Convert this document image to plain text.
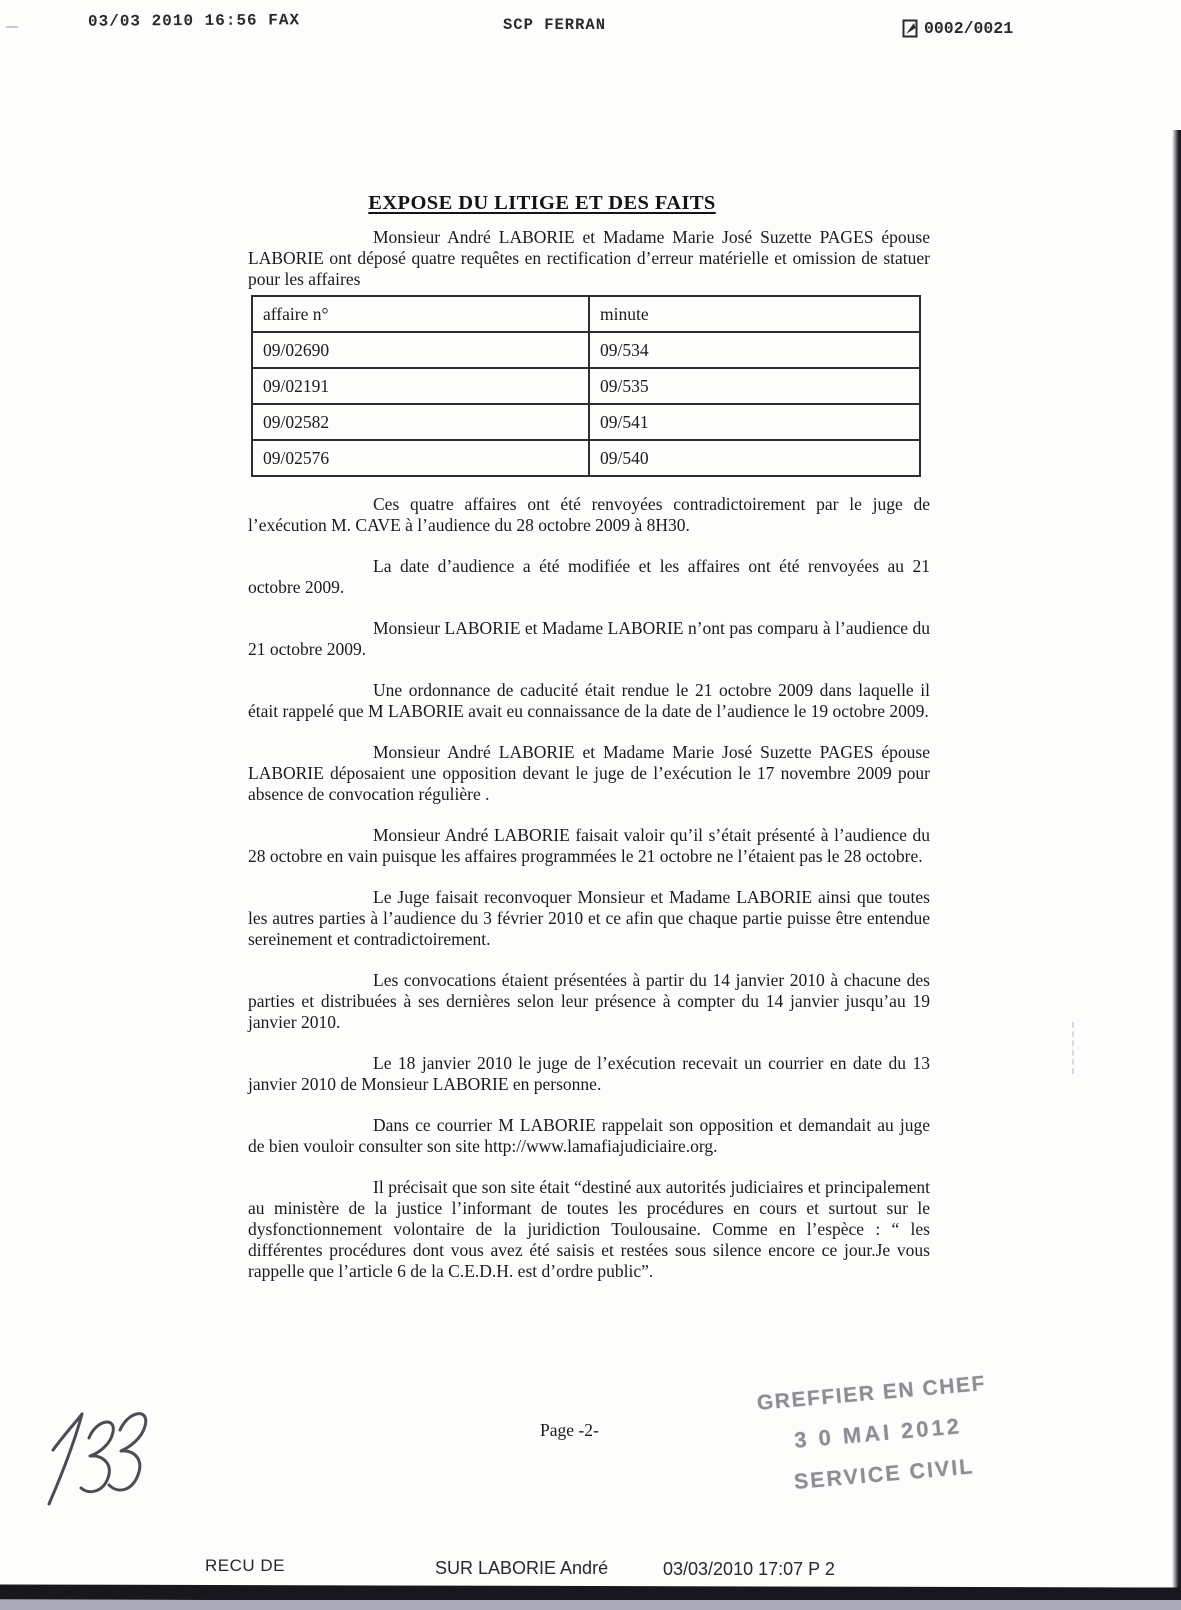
03/03 2010 16:56 FAX	SCP FERRAN	0002/0021
EXPOSE DU LITIGE ET DES FAITS

Monsieur André LABORIE et Madame Marie José Suzette PAGES épouse LABORIE ont déposé quatre requêtes en rectification d’erreur matérielle et omission de statuer pour les affaires

affaire n°	minute
09/02690	09/534
09/02191	09/535
09/02582	09/541
09/02576	09/540

Ces quatre affaires ont été renvoyées contradictoirement par le juge de l’exécution M. CAVE à l’audience du 28 octobre 2009 à 8H30.

La date d’audience a été modifiée et les affaires ont été renvoyées au 21 octobre 2009.

Monsieur LABORIE et Madame LABORIE n’ont pas comparu à l’audience du 21 octobre 2009.

Une ordonnance de caducité était rendue le 21 octobre 2009 dans laquelle il était rappelé que M LABORIE avait eu connaissance de la date de l’audience le 19 octobre 2009.

Monsieur André LABORIE et Madame Marie José Suzette PAGES épouse LABORIE déposaient une opposition devant le juge de l’exécution le 17 novembre 2009 pour absence de convocation régulière .

Monsieur André LABORIE faisait valoir qu’il s’était présenté à l’audience du 28 octobre en vain puisque les affaires programmées le 21 octobre ne l’étaient pas le 28 octobre.

Le Juge faisait reconvoquer Monsieur et Madame LABORIE ainsi que toutes les autres parties à l’audience du 3 février 2010 et ce afin que chaque partie puisse être entendue sereinement et contradictoirement.

Les convocations étaient présentées à partir du 14 janvier 2010 à chacune des parties et distribuées à ses dernières selon leur présence à compter du 14 janvier jusqu’au 19 janvier 2010.

Le 18 janvier 2010 le juge de l’exécution recevait un courrier en date du 13 janvier 2010 de Monsieur LABORIE en personne.

Dans ce courrier M LABORIE rappelait son opposition et demandait au juge de bien vouloir consulter son site http://www.lamafiajudiciaire.org.

Il précisait que son site était “destiné aux autorités judiciaires et principalement au ministère de la justice l’informant de toutes les procédures en cours et surtout sur le dysfonctionnement volontaire de la juridiction Toulousaine. Comme en l’espèce : “ les différentes procédures dont vous avez été saisis et restées sous silence encore ce jour.Je vous rappelle que l’article 6 de la C.E.D.H. est d’ordre public”.

Page -2-
GREFFIER EN CHEF
3 0 MAI 2012
SERVICE CIVIL
RECU DE	SUR LABORIE André	03/03/2010 17:07 P 2
